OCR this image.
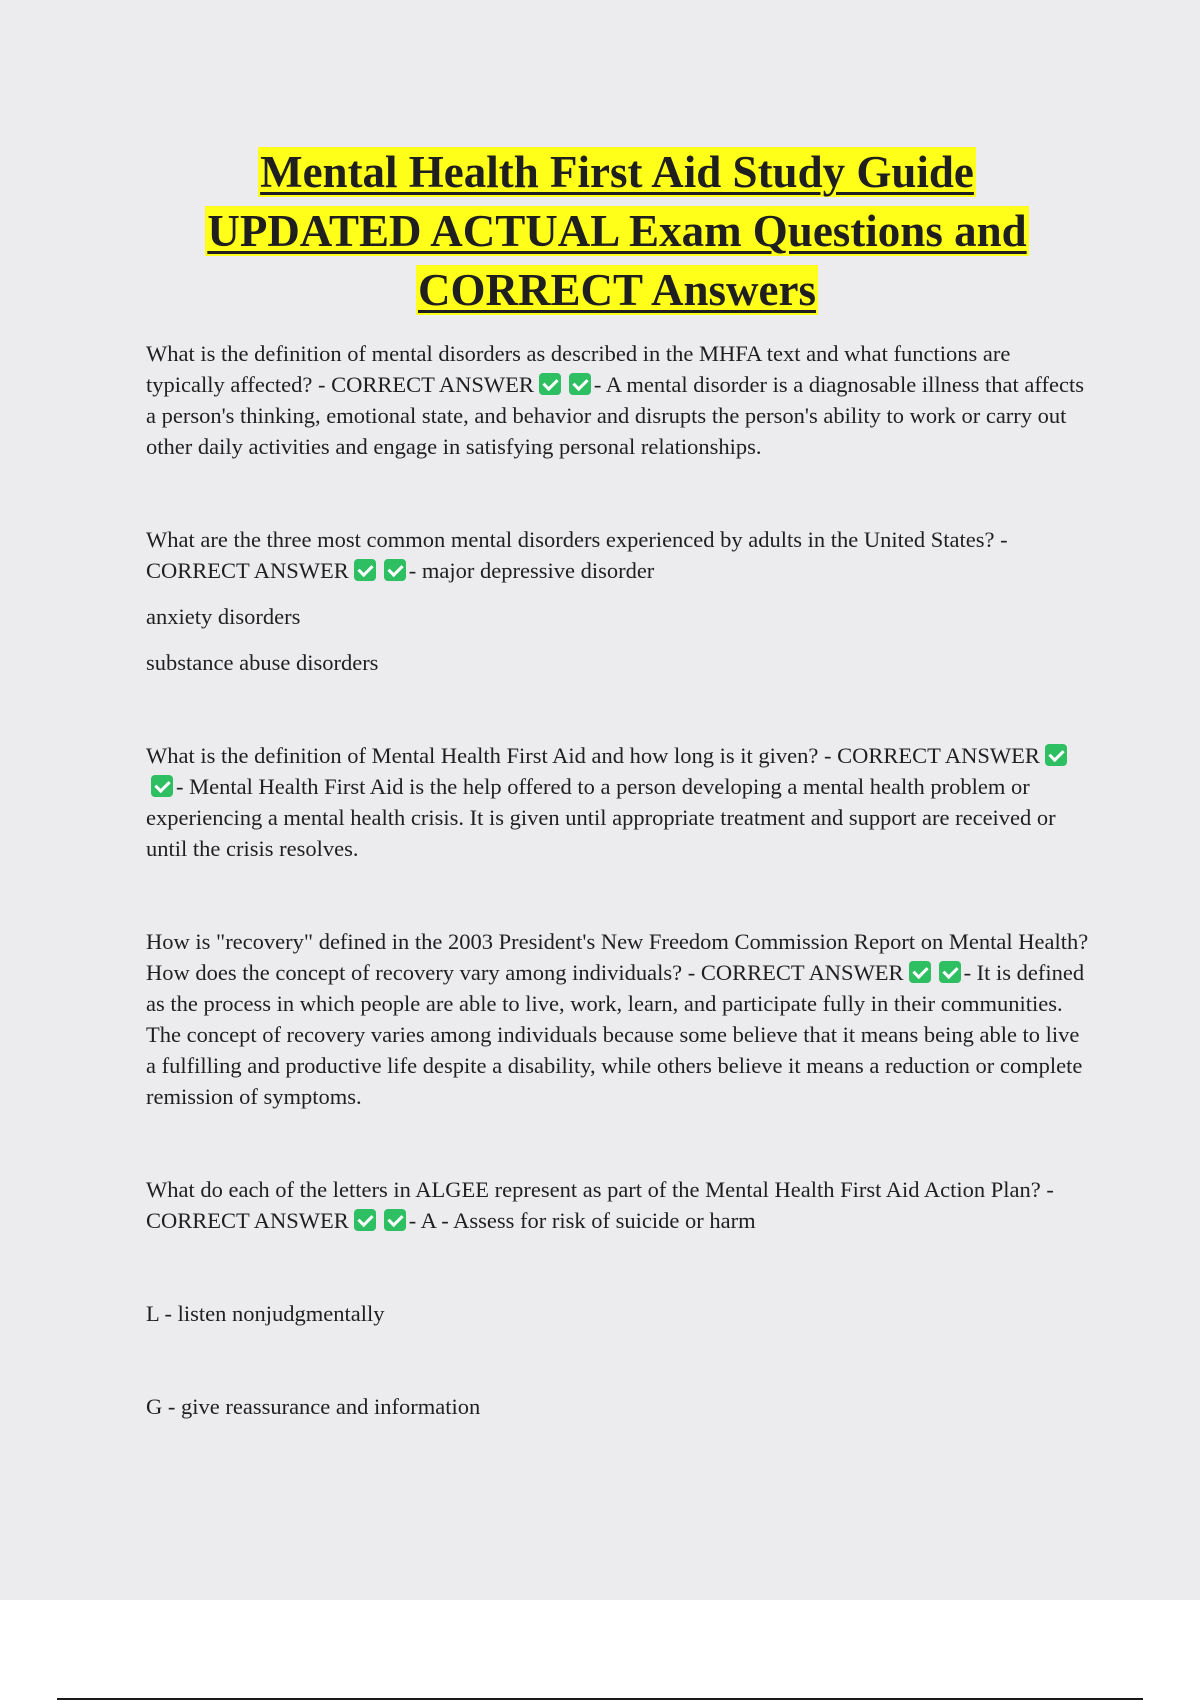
Mental Health First Aid Study Guide
UPDATED ACTUAL Exam Questions and
CORRECT Answers

What is the definition of mental disorders as described in the MHFA text and what functions are typically affected? - CORRECT ANSWER	- A mental disorder is a diagnosable illness that affects a person's thinking, emotional state, and behavior and disrupts the person's ability to work or carry out other daily activities and engage in satisfying personal relationships.

What are the three most common mental disorders experienced by adults in the United States? - CORRECT ANSWER	- major depressive disorder

anxiety disorders

substance abuse disorders

What is the definition of Mental Health First Aid and how long is it given? - CORRECT ANSWER- Mental Health First Aid is the help offered to a person developing a mental health problem or experiencing a mental health crisis. It is given until appropriate treatment and support are received or until the crisis resolves.

How is "recovery" defined in the 2003 President's New Freedom Commission Report on Mental Health? How does the concept of recovery vary among individuals? - CORRECT ANSWER	- It is defined as the process in which people are able to live, work, learn, and participate fully in their communities. The concept of recovery varies among individuals because some believe that it means being able to live a fulfilling and productive life despite a disability, while others believe it means a reduction or complete remission of symptoms.

What do each of the letters in ALGEE represent as part of the Mental Health First Aid Action Plan? - CORRECT ANSWER	- A - Assess for risk of suicide or harm

L - listen nonjudgmentally

G - give reassurance and information
